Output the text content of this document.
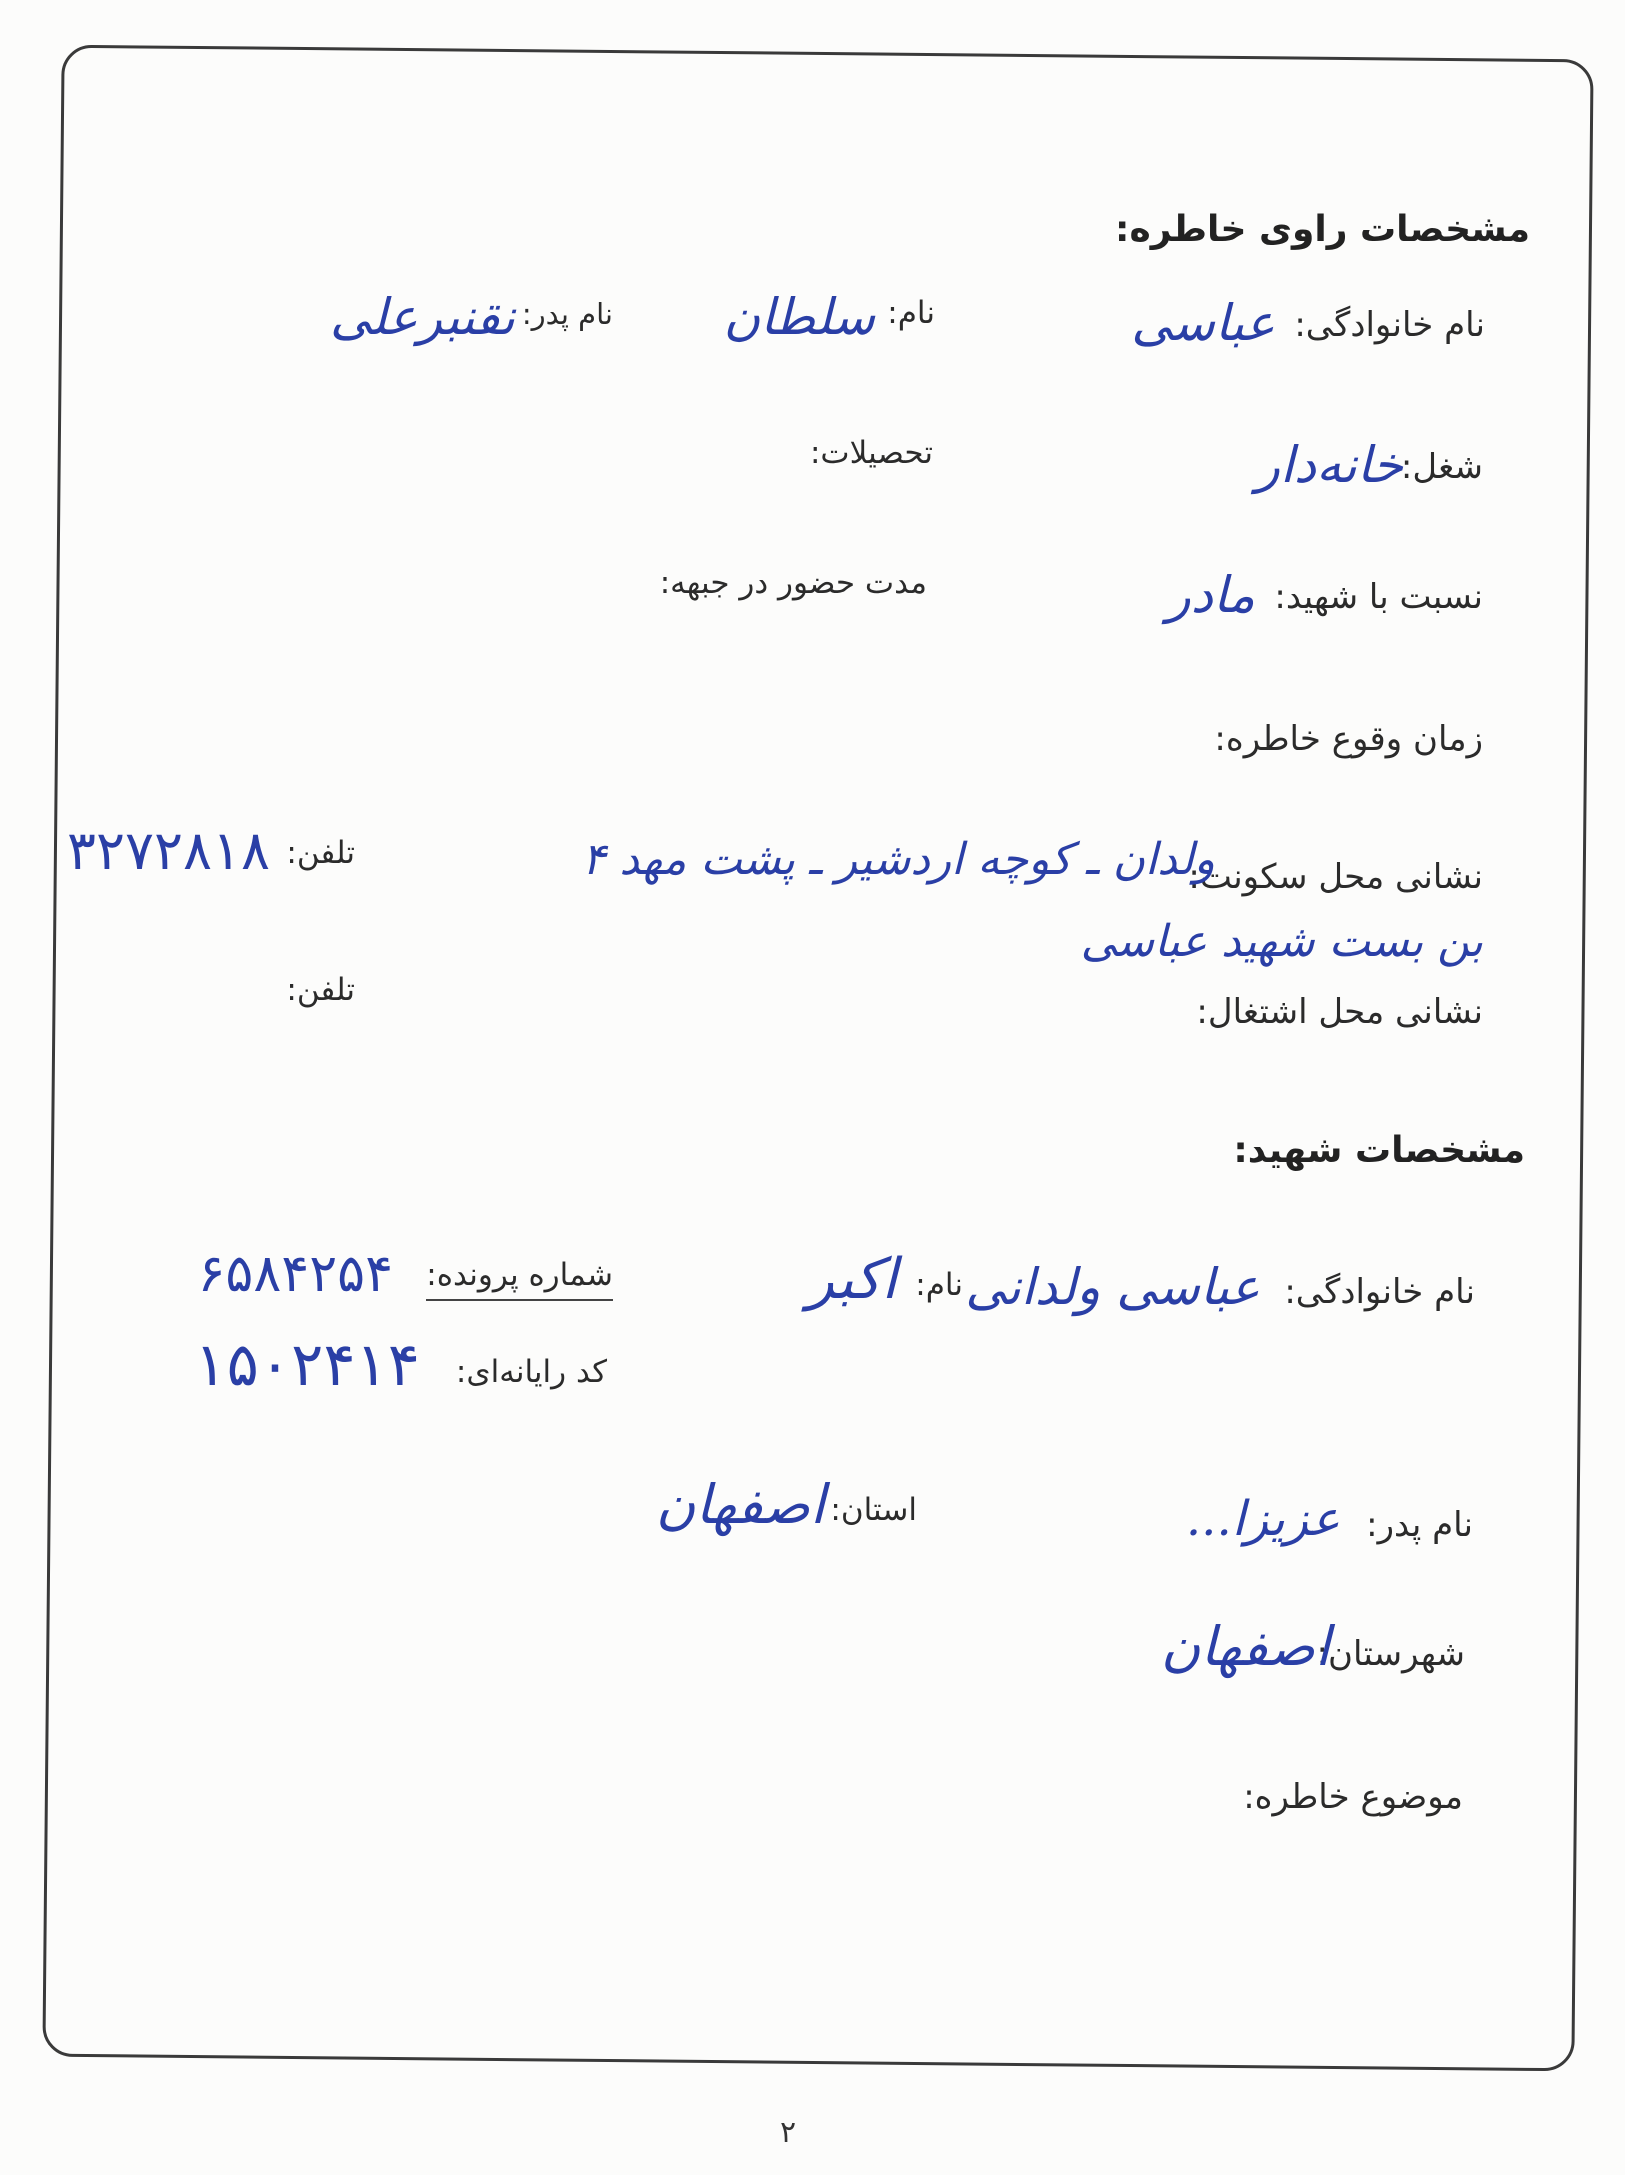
مشخصات راوی خاطره:
نام خانوادگی:
عباسی
نام:
سلطان
نام پدر:
نقنبرعلی
شغل:
خانه‌دار
تحصیلات:
نسبت با شهید:
مادر
مدت حضور در جبهه:
زمان وقوع خاطره:
نشانی محل سکونت:
ولدان ـ کوچه اردشیر ـ پشت مهد ۴
بن بست شهید عباسی
تلفن:
۳۲۷۲۸۱۸
نشانی محل اشتغال:
تلفن:
مشخصات شهید:
نام خانوادگی:
عباسی ولدانی
نام:
اکبر
شماره پرونده:
۶۵۸۴۲۵۴
کد رایانه‌ای:
۱۵۰۲۴۱۴
نام پدر:
عزیزا...
استان:
اصفهان
شهرستان:
اصفهان
موضوع خاطره:
۲
